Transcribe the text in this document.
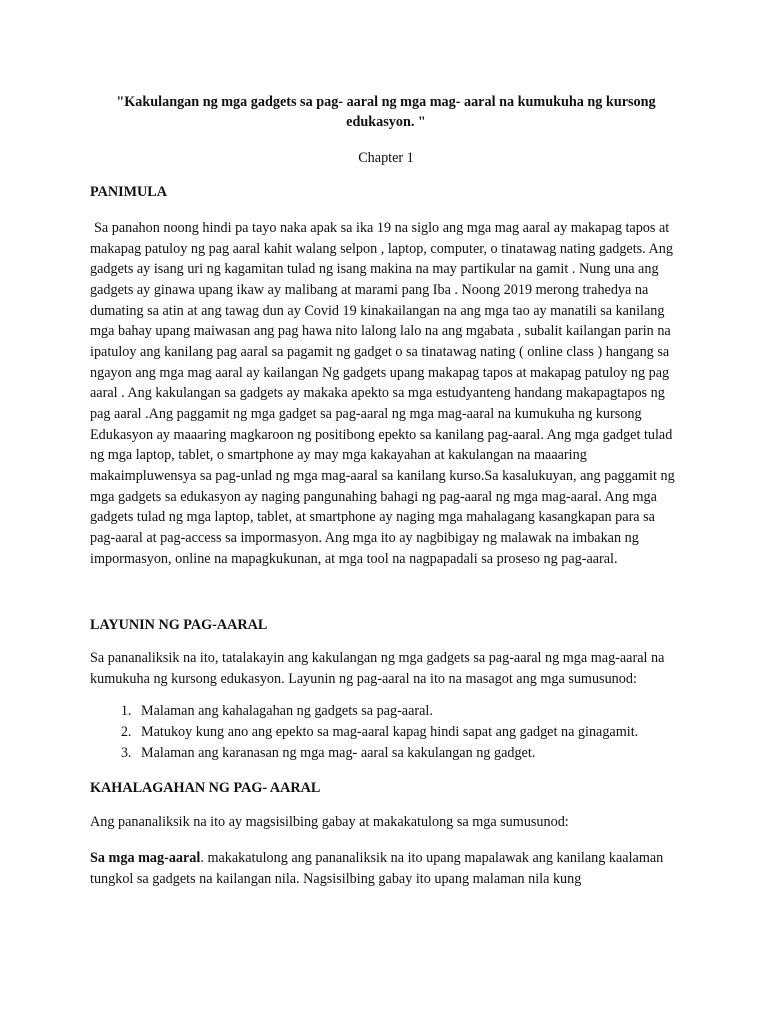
"Kakulangan ng mga gadgets sa pag- aaral ng mga mag- aaral na kumukuha ng kursong edukasyon. "

Chapter 1

PANIMULA

Sa panahon noong hindi pa tayo naka apak sa ika 19 na siglo ang mga mag aaral ay makapag tapos at makapag patuloy ng pag aaral kahit walang selpon , laptop, computer, o tinatawag nating gadgets. Ang gadgets ay isang uri ng kagamitan tulad ng isang makina na may partikular na gamit . Nung una ang gadgets ay ginawa upang ikaw ay malibang at marami pang Iba . Noong 2019 merong trahedya na dumating sa atin at ang tawag dun ay Covid 19 kinakailangan na ang mga tao ay manatili sa kanilang mga bahay upang maiwasan ang pag hawa nito lalong lalo na ang mgabata , subalit kailangan parin na ipatuloy ang kanilang pag aaral sa pagamit ng gadget o sa tinatawag nating ( online class ) hangang sa ngayon ang mga mag aaral ay kailangan Ng gadgets upang makapag tapos at makapag patuloy ng pag aaral . Ang kakulangan sa gadgets ay makaka apekto sa mga estudyanteng handang makapagtapos ng pag aaral .Ang paggamit ng mga gadget sa pag-aaral ng mga mag-aaral na kumukuha ng kursong Edukasyon ay maaaring magkaroon ng positibong epekto sa kanilang pag-aaral. Ang mga gadget tulad ng mga laptop, tablet, o smartphone ay may mga kakayahan at kakulangan na maaaring makaimpluwensya sa pag-unlad ng mga mag-aaral sa kanilang kurso.Sa kasalukuyan, ang paggamit ng mga gadgets sa edukasyon ay naging pangunahing bahagi ng pag-aaral ng mga mag-aaral. Ang mga gadgets tulad ng mga laptop, tablet, at smartphone ay naging mga mahalagang kasangkapan para sa pag-aaral at pag-access sa impormasyon. Ang mga ito ay nagbibigay ng malawak na imbakan ng impormasyon, online na mapagkukunan, at mga tool na nagpapadali sa proseso ng pag-aaral.

LAYUNIN NG PAG-AARAL

Sa pananaliksik na ito, tatalakayin ang kakulangan ng mga gadgets sa pag-aaral ng mga mag-aaral na kumukuha ng kursong edukasyon. Layunin ng pag-aaral na ito na masagot ang mga sumusunod:

1. Malaman ang kahalagahan ng gadgets sa pag-aaral.
2. Matukoy kung ano ang epekto sa mag-aaral kapag hindi sapat ang gadget na ginagamit.
3. Malaman ang karanasan ng mga mag- aaral sa kakulangan ng gadget.

KAHALAGAHAN NG PAG- AARAL

Ang pananaliksik na ito ay magsisilbing gabay at makakatulong sa mga sumusunod:

Sa mga mag-aaral. makakatulong ang pananaliksik na ito upang mapalawak ang kanilang kaalaman tungkol sa gadgets na kailangan nila. Nagsisilbing gabay ito upang malaman nila kung
